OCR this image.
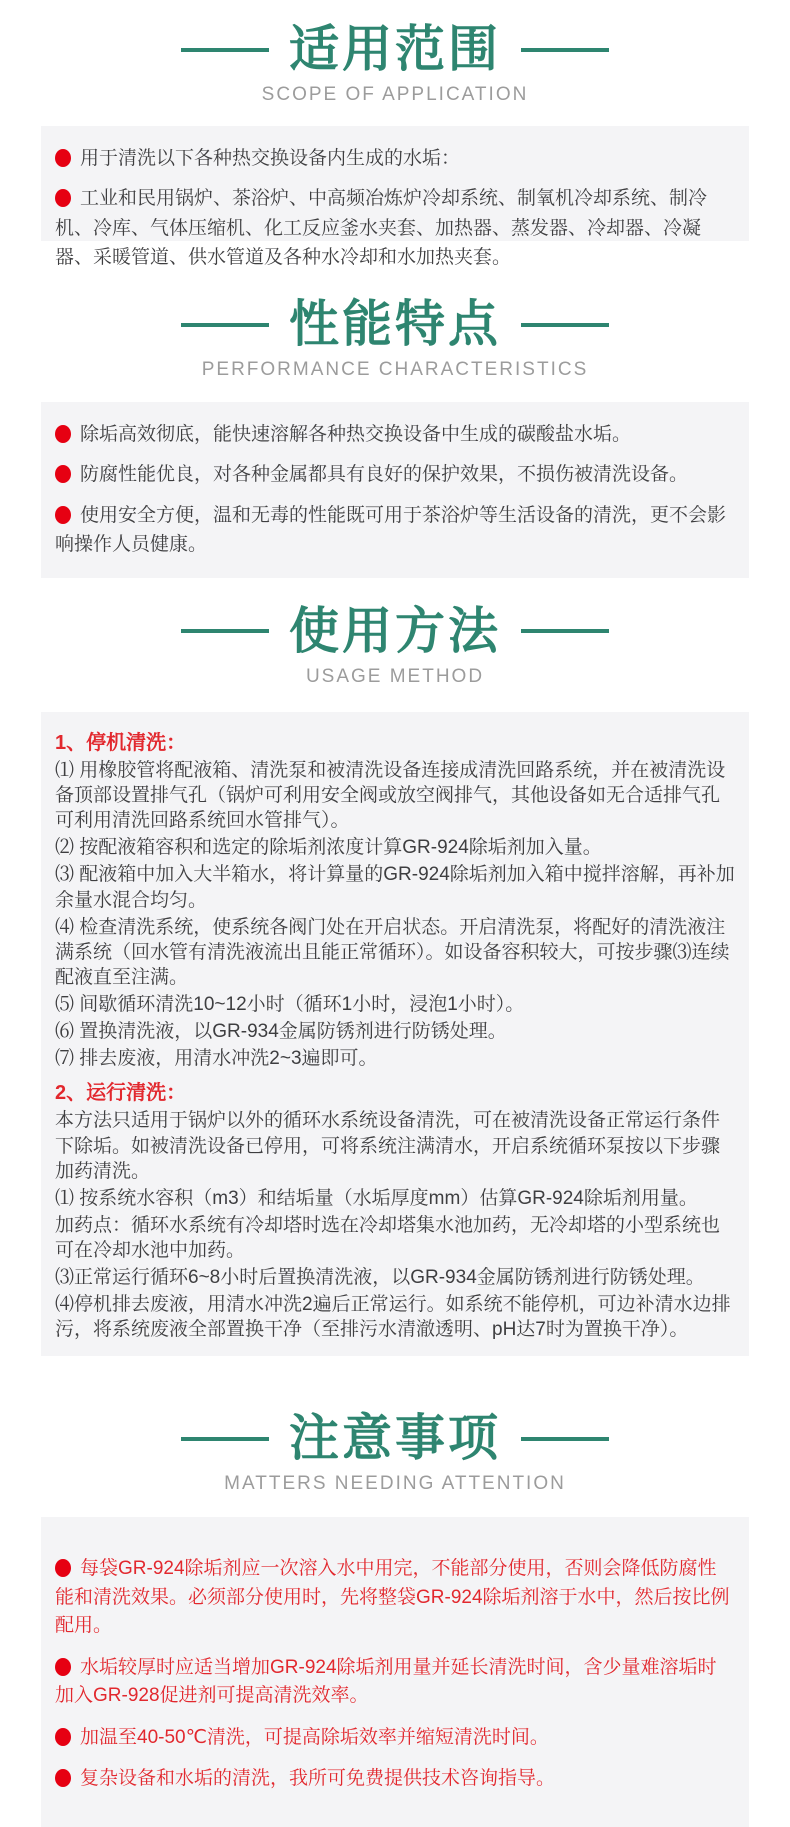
适用范围
SCOPE OF APPLICATION

用于清洗以下各种热交换设备内生成的水垢：

工业和民用锅炉、茶浴炉、中高频冶炼炉冷却系统、制氧机冷却系统、制冷机、冷库、气体压缩机、化工反应釜水夹套、加热器、蒸发器、冷却器、冷凝器、采暖管道、供水管道及各种水冷却和水加热夹套。

性能特点
PERFORMANCE CHARACTERISTICS

除垢高效彻底，能快速溶解各种热交换设备中生成的碳酸盐水垢。

防腐性能优良，对各种金属都具有良好的保护效果，不损伤被清洗设备。

使用安全方便，温和无毒的性能既可用于茶浴炉等生活设备的清洗，更不会影响操作人员健康。

使用方法
USAGE METHOD

1、停机清洗：

⑴ 用橡胶管将配液箱、清洗泵和被清洗设备连接成清洗回路系统，并在被清洗设备顶部设置排气孔（锅炉可利用安全阀或放空阀排气，其他设备如无合适排气孔可利用清洗回路系统回水管排气）。

⑵ 按配液箱容积和选定的除垢剂浓度计算GR-924除垢剂加入量。

⑶ 配液箱中加入大半箱水，将计算量的GR-924除垢剂加入箱中搅拌溶解，再补加余量水混合均匀。

⑷ 检查清洗系统，使系统各阀门处在开启状态。开启清洗泵，将配好的清洗液注满系统（回水管有清洗液流出且能正常循环）。如设备容积较大，可按步骤⑶连续配液直至注满。

⑸ 间歇循环清洗10~12小时（循环1小时，浸泡1小时）。

⑹ 置换清洗液，以GR-934金属防锈剂进行防锈处理。

⑺ 排去废液，用清水冲洗2~3遍即可。

2、运行清洗：

本方法只适用于锅炉以外的循环水系统设备清洗，可在被清洗设备正常运行条件下除垢。如被清洗设备已停用，可将系统注满清水，开启系统循环泵按以下步骤加药清洗。

⑴ 按系统水容积（m3）和结垢量（水垢厚度mm）估算GR-924除垢剂用量。

加药点：循环水系统有冷却塔时选在冷却塔集水池加药，无冷却塔的小型系统也可在冷却水池中加药。

⑶正常运行循环6~8小时后置换清洗液，以GR-934金属防锈剂进行防锈处理。

⑷停机排去废液，用清水冲洗2遍后正常运行。如系统不能停机，可边补清水边排污，将系统废液全部置换干净（至排污水清澈透明、pH达7时为置换干净）。

注意事项
MATTERS NEEDING ATTENTION

每袋GR-924除垢剂应一次溶入水中用完，不能部分使用，否则会降低防腐性能和清洗效果。必须部分使用时，先将整袋GR-924除垢剂溶于水中，然后按比例配用。

水垢较厚时应适当增加GR-924除垢剂用量并延长清洗时间，含少量难溶垢时加入GR-928促进剂可提高清洗效率。

加温至40-50℃清洗，可提高除垢效率并缩短清洗时间。

复杂设备和水垢的清洗，我所可免费提供技术咨询指导。
